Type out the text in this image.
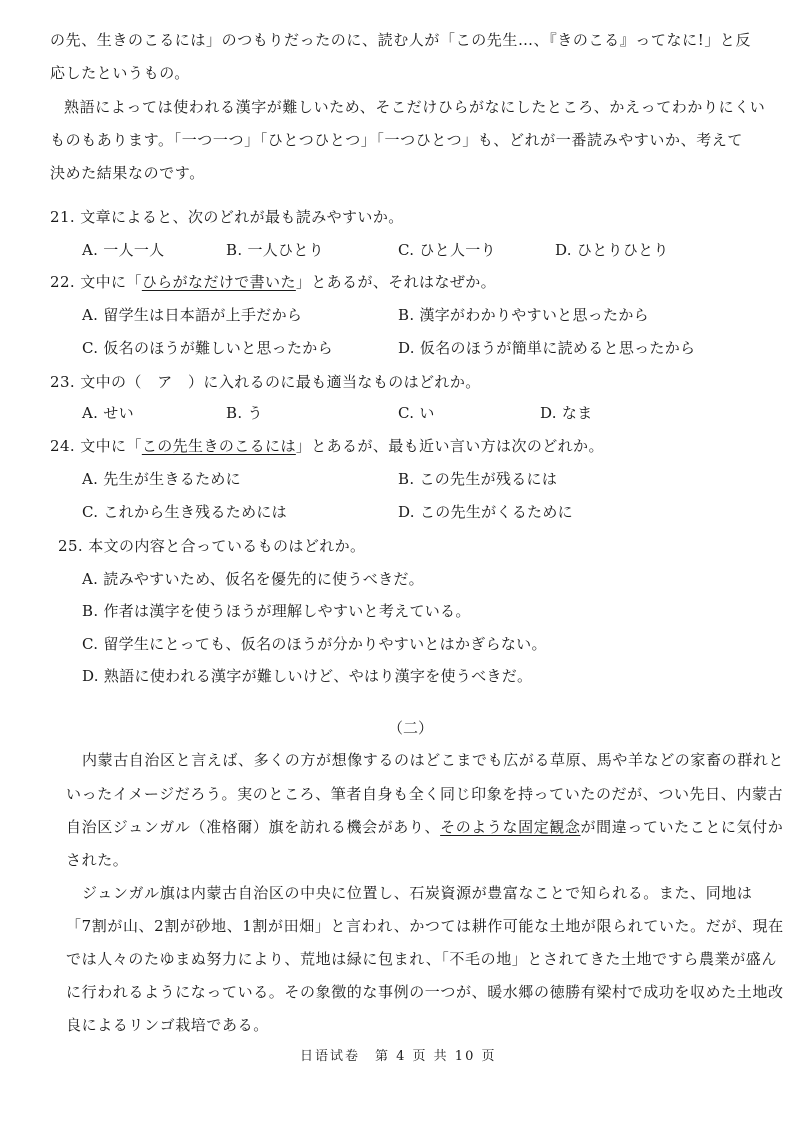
の先、生きのこるには」のつもりだったのに、読む人が「この先生…、『きのこる』ってなに!」と反
応したというもの。
熟語によっては使われる漢字が難しいため、そこだけひらがなにしたところ、かえってわかりにくい
ものもあります。「一つ一つ」「ひとつひとつ」「一つひとつ」も、どれが一番読みやすいか、考えて
決めた結果なのです。
21. 文章によると、次のどれが最も読みやすいか。
A. 一人一人	B. 一人ひとり	C. ひと人一り	D. ひとりひとり
22. 文中に「ひらがなだけで書いた」とあるが、それはなぜか。
A. 留学生は日本語が上手だから	B. 漢字がわかりやすいと思ったから
C. 仮名のほうが難しいと思ったから	D. 仮名のほうが簡単に読めると思ったから
23. 文中の（　ア　）に入れるのに最も適当なものはどれか。
A. せい	B. う	C. い	D. なま
24. 文中に「この先生きのこるには」とあるが、最も近い言い方は次のどれか。
A. 先生が生きるために	B. この先生が残るには
C. これから生き残るためには	D. この先生がくるために
25. 本文の内容と合っているものはどれか。
A. 読みやすいため、仮名を優先的に使うべきだ。
B. 作者は漢字を使うほうが理解しやすいと考えている。
C. 留学生にとっても、仮名のほうが分かりやすいとはかぎらない。
D. 熟語に使われる漢字が難しいけど、やはり漢字を使うべきだ。
（二）
内蒙古自治区と言えば、多くの方が想像するのはどこまでも広がる草原、馬や羊などの家畜の群れと
いったイメージだろう。実のところ、筆者自身も全く同じ印象を持っていたのだが、つい先日、内蒙古
自治区ジュンガル（准格爾）旗を訪れる機会があり、そのような固定観念が間違っていたことに気付か
された。
ジュンガル旗は内蒙古自治区の中央に位置し、石炭資源が豊富なことで知られる。また、同地は
「7割が山、2割が砂地、1割が田畑」と言われ、かつては耕作可能な土地が限られていた。だが、現在
では人々のたゆまぬ努力により、荒地は緑に包まれ、「不毛の地」とされてきた土地ですら農業が盛ん
に行われるようになっている。その象徴的な事例の一つが、暖水郷の徳勝有梁村で成功を収めた土地改
良によるリンゴ栽培である。
日语试卷　第 4 页 共 10 页
